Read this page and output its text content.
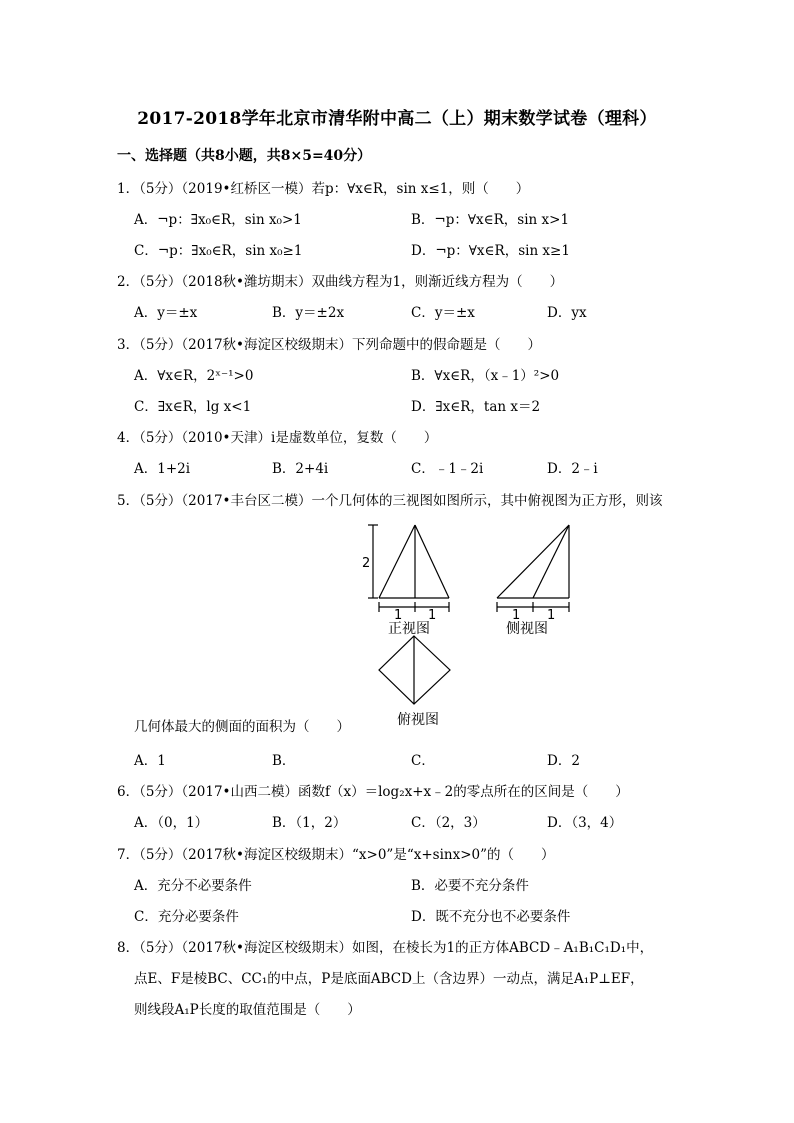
2017-2018学年北京市清华附中高二（上）期末数学试卷（理科）
一、选择题（共8小题，共8×5=40分）
1．（5分）（2019•红桥区一模）若p：∀x∈R，sin x≤1，则（　　）
A．¬p：∃x₀∈R，sin x₀>1	B．¬p：∀x∈R，sin x>1
C．¬p：∃x₀∈R，sin x₀≥1	D．¬p：∀x∈R，sin x≥1
2．（5分）（2018秋•潍坊期末）双曲线方程为1，则渐近线方程为（　　）
A．y＝±x	B．y＝±2x	C．y＝±x	D．yx
3．（5分）（2017秋•海淀区校级期末）下列命题中的假命题是（　　）
A．∀x∈R，2ˣ⁻¹>0	B．∀x∈R，（x﹣1）²>0
C．∃x∈R，lg x<1	D．∃x∈R，tan x＝2
4．（5分）（2010•天津）i是虚数单位，复数（　　）
A．1+2i	B．2+4i	C．﹣1﹣2i	D．2﹣i
5．（5分）（2017•丰台区二模）一个几何体的三视图如图所示，其中俯视图为正方形，则该
2
1 1	1 1
正视图	侧视图
俯视图
几何体最大的侧面的面积为（　　）
A．1	B．	C．	D．2
6．（5分）（2017•山西二模）函数f（x）＝log₂x+x﹣2的零点所在的区间是（　　）
A．（0，1）	B．（1，2）	C．（2，3）	D．（3，4）
7．（5分）（2017秋•海淀区校级期末）“x>0”是“x+sinx>0”的（　　）
A．充分不必要条件	B．必要不充分条件
C．充分必要条件	D．既不充分也不必要条件
8．（5分）（2017秋•海淀区校级期末）如图，在棱长为1的正方体ABCD﹣A₁B₁C₁D₁中，
点E、F是棱BC、CC₁的中点，P是底面ABCD上（含边界）一动点，满足A₁P⊥EF，
则线段A₁P长度的取值范围是（　　）
